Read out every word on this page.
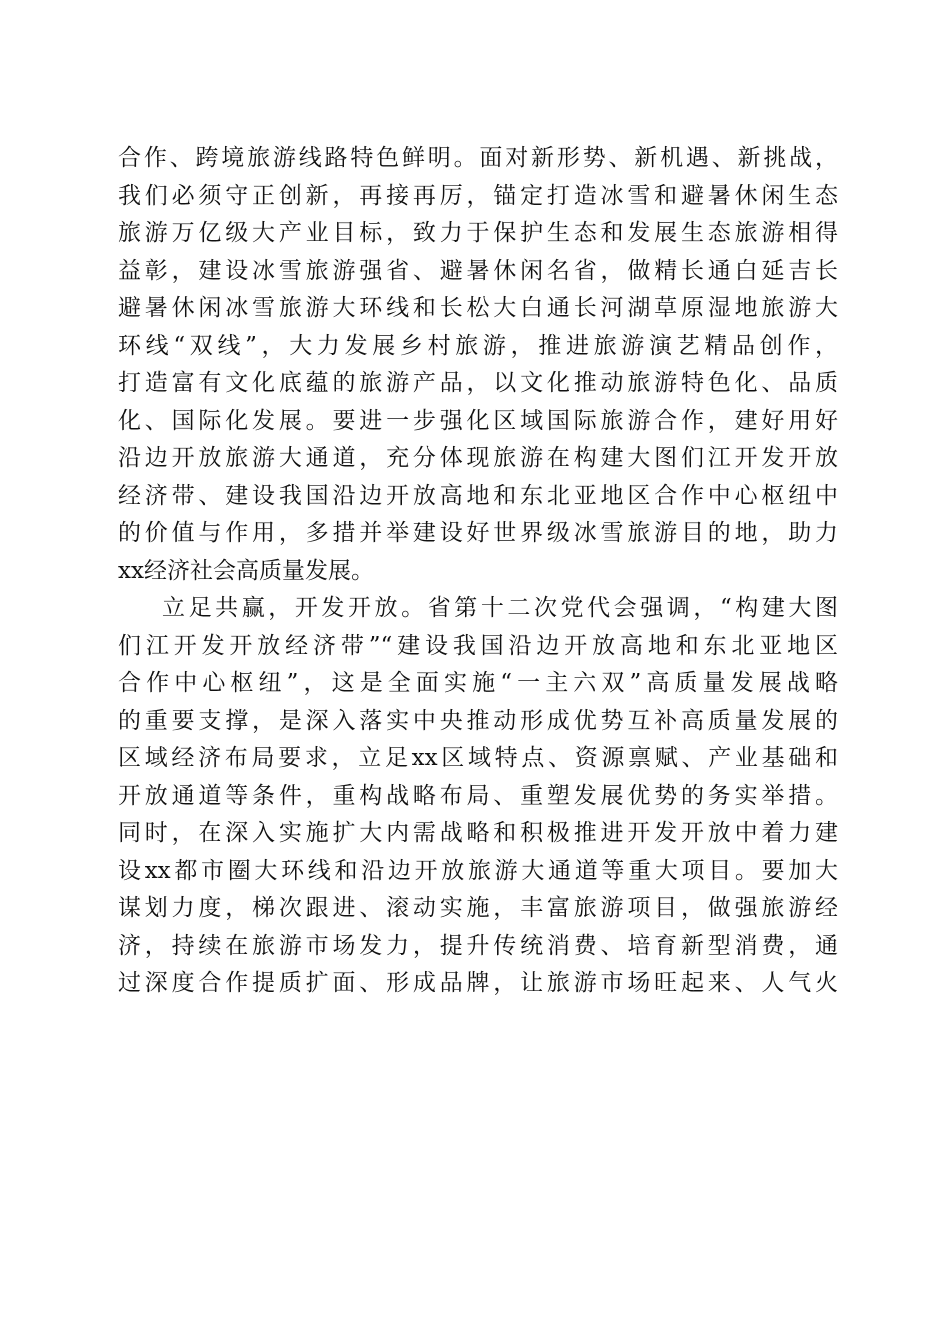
合作、跨境旅游线路特色鲜明。面对新形势、新机遇、新挑战，
我们必须守正创新，再接再厉，锚定打造冰雪和避暑休闲生态
旅游万亿级大产业目标，致力于保护生态和发展生态旅游相得
益彰，建设冰雪旅游强省、避暑休闲名省，做精长通白延吉长
避暑休闲冰雪旅游大环线和长松大白通长河湖草原湿地旅游大
环线“双线”，大力发展乡村旅游，推进旅游演艺精品创作，
打造富有文化底蕴的旅游产品，以文化推动旅游特色化、品质
化、国际化发展。要进一步强化区域国际旅游合作，建好用好
沿边开放旅游大通道，充分体现旅游在构建大图们江开发开放
经济带、建设我国沿边开放高地和东北亚地区合作中心枢纽中
的价值与作用，多措并举建设好世界级冰雪旅游目的地，助力
xx经济社会高质量发展。
立足共赢，开发开放。省第十二次党代会强调，“构建大图
们江开发开放经济带”“建设我国沿边开放高地和东北亚地区
合作中心枢纽”，这是全面实施“一主六双”高质量发展战略
的重要支撑，是深入落实中央推动形成优势互补高质量发展的
区域经济布局要求，立足xx区域特点、资源禀赋、产业基础和
开放通道等条件，重构战略布局、重塑发展优势的务实举措。
同时，在深入实施扩大内需战略和积极推进开发开放中着力建
设xx都市圈大环线和沿边开放旅游大通道等重大项目。要加大
谋划力度，梯次跟进、滚动实施，丰富旅游项目，做强旅游经
济，持续在旅游市场发力，提升传统消费、培育新型消费，通
过深度合作提质扩面、形成品牌，让旅游市场旺起来、人气火
